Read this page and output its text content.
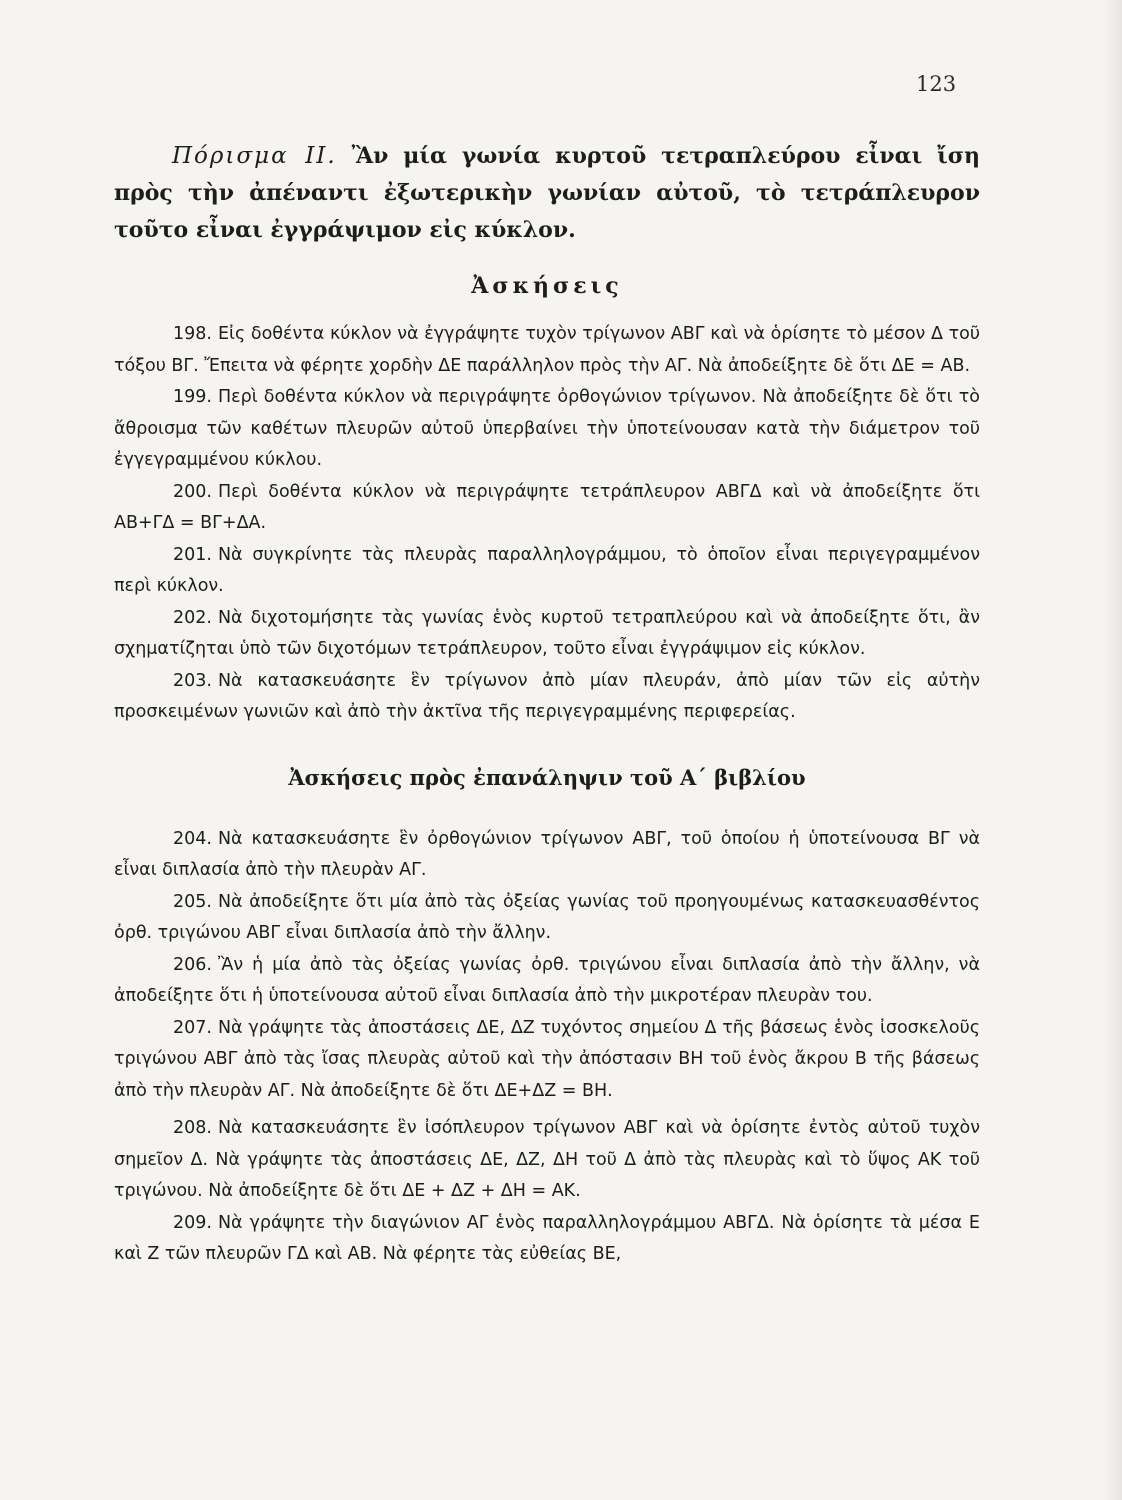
123

Πόρισμα II. Ἂν μία γωνία κυρτοῦ τετραπλεύρου εἶναι ἴση πρὸς τὴν ἀπέναντι ἐξωτερικὴν γωνίαν αὐτοῦ, τὸ τετράπλευρον τοῦτο εἶναι ἐγγράψιμον εἰς κύκλον.

Ἀσκήσεις

198. Εἰς δοθέντα κύκλον νὰ ἐγγράψητε τυχὸν τρίγωνον ΑΒΓ καὶ νὰ ὁρίσητε τὸ μέσον Δ τοῦ τόξου ΒΓ. Ἔπειτα νὰ φέρητε χορδὴν ΔΕ παράλληλον πρὸς τὴν ΑΓ. Νὰ ἀποδείξητε δὲ ὅτι ΔΕ = ΑΒ.

199. Περὶ δοθέντα κύκλον νὰ περιγράψητε ὀρθογώνιον τρίγωνον. Νὰ ἀποδείξητε δὲ ὅτι τὸ ἄθροισμα τῶν καθέτων πλευρῶν αὐτοῦ ὑπερβαίνει τὴν ὑποτείνουσαν κατὰ τὴν διάμετρον τοῦ ἐγγεγραμμένου κύκλου.

200. Περὶ δοθέντα κύκλον νὰ περιγράψητε τετράπλευρον ΑΒΓΔ καὶ νὰ ἀποδείξητε ὅτι ΑΒ+ΓΔ = ΒΓ+ΔΑ.

201. Νὰ συγκρίνητε τὰς πλευρὰς παραλληλογράμμου, τὸ ὁποῖον εἶναι περιγεγραμμένον περὶ κύκλον.

202. Νὰ διχοτομήσητε τὰς γωνίας ἑνὸς κυρτοῦ τετραπλεύρου καὶ νὰ ἀποδείξητε ὅτι, ἂν σχηματίζηται ὑπὸ τῶν διχοτόμων τετράπλευρον, τοῦτο εἶναι ἐγγράψιμον εἰς κύκλον.

203. Νὰ κατασκευάσητε ἓν τρίγωνον ἀπὸ μίαν πλευράν, ἀπὸ μίαν τῶν εἰς αὐτὴν προσκειμένων γωνιῶν καὶ ἀπὸ τὴν ἀκτῖνα τῆς περιγεγραμμένης περιφερείας.

Ἀσκήσεις πρὸς ἐπανάληψιν τοῦ Α΄ βιβλίου

204. Νὰ κατασκευάσητε ἓν ὀρθογώνιον τρίγωνον ΑΒΓ, τοῦ ὁποίου ἡ ὑποτείνουσα ΒΓ νὰ εἶναι διπλασία ἀπὸ τὴν πλευρὰν ΑΓ.

205. Νὰ ἀποδείξητε ὅτι μία ἀπὸ τὰς ὀξείας γωνίας τοῦ προηγουμένως κατασκευασθέντος ὀρθ. τριγώνου ΑΒΓ εἶναι διπλασία ἀπὸ τὴν ἄλλην.

206. Ἂν ἡ μία ἀπὸ τὰς ὀξείας γωνίας ὀρθ. τριγώνου εἶναι διπλασία ἀπὸ τὴν ἄλλην, νὰ ἀποδείξητε ὅτι ἡ ὑποτείνουσα αὐτοῦ εἶναι διπλασία ἀπὸ τὴν μικροτέραν πλευρὰν του.

207. Νὰ γράψητε τὰς ἀποστάσεις ΔΕ, ΔΖ τυχόντος σημείου Δ τῆς βάσεως ἑνὸς ἰσοσκελοῦς τριγώνου ΑΒΓ ἀπὸ τὰς ἴσας πλευρὰς αὐτοῦ καὶ τὴν ἀπόστασιν ΒΗ τοῦ ἑνὸς ἄκρου Β τῆς βάσεως ἀπὸ τὴν πλευρὰν ΑΓ. Νὰ ἀποδείξητε δὲ ὅτι ΔΕ+ΔΖ = ΒΗ.

208. Νὰ κατασκευάσητε ἓν ἰσόπλευρον τρίγωνον ΑΒΓ καὶ νὰ ὁρίσητε ἐντὸς αὐτοῦ τυχὸν σημεῖον Δ. Νὰ γράψητε τὰς ἀποστάσεις ΔΕ, ΔΖ, ΔΗ τοῦ Δ ἀπὸ τὰς πλευρὰς καὶ τὸ ὕψος ΑΚ τοῦ τριγώνου. Νὰ ἀποδείξητε δὲ ὅτι ΔΕ + ΔΖ + ΔΗ = ΑΚ.

209. Νὰ γράψητε τὴν διαγώνιον ΑΓ ἑνὸς παραλληλογράμμου ΑΒΓΔ. Νὰ ὁρίσητε τὰ μέσα Ε καὶ Ζ τῶν πλευρῶν ΓΔ καὶ ΑΒ. Νὰ φέρητε τὰς εὐθείας ΒΕ,
